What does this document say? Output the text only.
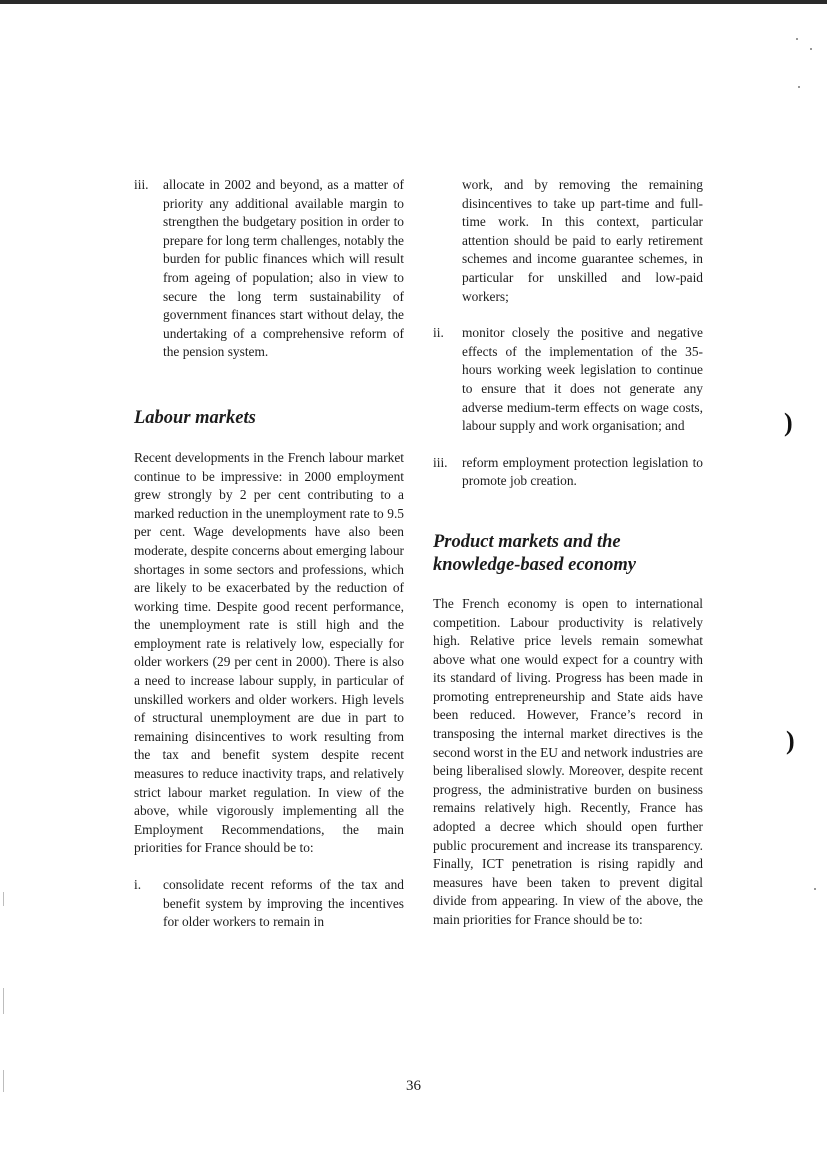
iii. allocate in 2002 and beyond, as a matter of priority any additional available margin to strengthen the budgetary position in order to prepare for long term challenges, notably the burden for public finances which will result from ageing of population; also in view to secure the long term sustainability of government finances start without delay, the undertaking of a comprehensive reform of the pension system.
Labour markets

Recent developments in the French labour market continue to be impressive: in 2000 employment grew strongly by 2 per cent contributing to a marked reduction in the unemployment rate to 9.5 per cent. Wage developments have also been moderate, despite concerns about emerging labour shortages in some sectors and professions, which are likely to be exacerbated by the reduction of working time. Despite good recent performance, the unemployment rate is still high and the employment rate is relatively low, especially for older workers (29 per cent in 2000). There is also a need to increase labour supply, in particular of unskilled workers and older workers. High levels of structural unemployment are due in part to remaining disincentives to work resulting from the tax and benefit system despite recent measures to reduce inactivity traps, and relatively strict labour market regulation. In view of the above, while vigorously implementing all the Employment Recommendations, the main priorities for France should be to:

i. consolidate recent reforms of the tax and benefit system by improving the incentives for older workers to remain in

work, and by removing the remaining disincentives to take up part-time and full-time work. In this context, particular attention should be paid to early retirement schemes and income guarantee schemes, in particular for unskilled and low-paid workers;

ii. monitor closely the positive and negative effects of the implementation of the 35-hours working week legislation to continue to ensure that it does not generate any adverse medium-term effects on wage costs, labour supply and work organisation; and
iii. reform employment protection legislation to promote job creation.
Product markets and the
knowledge-based economy

The French economy is open to international competition. Labour productivity is relatively high. Relative price levels remain somewhat above what one would expect for a country with its standard of living. Progress has been made in promoting entrepreneurship and State aids have been reduced. However, France’s record in transposing the internal market directives is the second worst in the EU and network industries are being liberalised slowly. Moreover, despite recent progress, the administrative burden on business remains relatively high. Recently, France has adopted a decree which should open further public procurement and increase its transparency. Finally, ICT penetration is rising rapidly and measures have been taken to prevent digital divide from appearing. In view of the above, the main priorities for France should be to:

36
)
)
